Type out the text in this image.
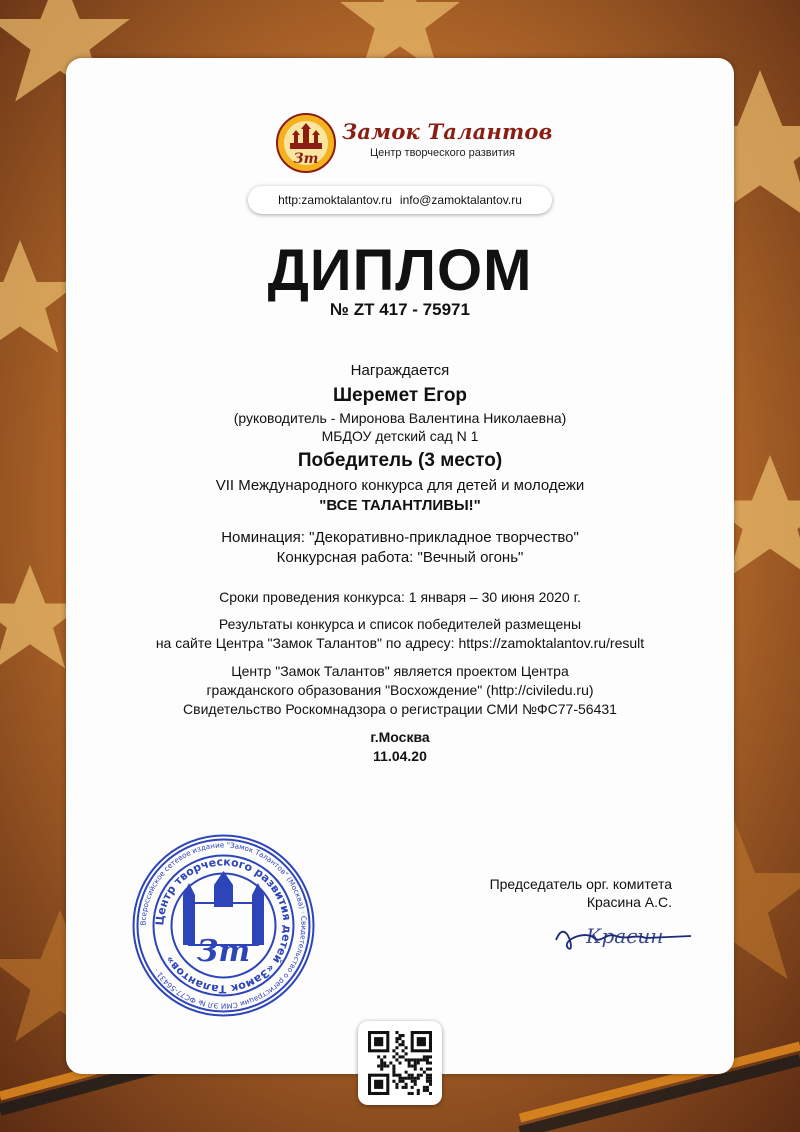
Зm
Замок Талантов
Центр творческого развития
http:zamoktalantov.ru info@zamoktalantov.ru
ДИПЛОМ
№ ZT 417 - 75971
Награждается
Шеремет Егор
(руководитель - Миронова Валентина Николаевна)
МБДОУ детский сад N 1
Победитель (3 место)
VII Международного конкурса для детей и молодежи
"ВСЕ ТАЛАНТЛИВЫ!"
Номинация: "Декоративно-прикладное творчество"
Конкурсная работа: "Вечный огонь"
Сроки проведения конкурса: 1 января – 30 июня 2020 г.
Результаты конкурса и список победителей размещены
на сайте Центра "Замок Талантов" по адресу: https://zamoktalantov.ru/result
Центр "Замок Талантов" является проектом Центра
гражданского образования "Восхождение" (http://civiledu.ru)
Свидетельство Роскомнадзора о регистрации СМИ №ФС77-56431
г.Москва
11.04.20
Председатель орг. комитета
Красина А.С.
Красин
Всероссийское сетевое издание "Замок Талантов" (Москва) · Свидетельство о регистрации СМИ ЭЛ № ФС77-56431 ·
Центр творческого развития детей «Замок Талантов» Зm
